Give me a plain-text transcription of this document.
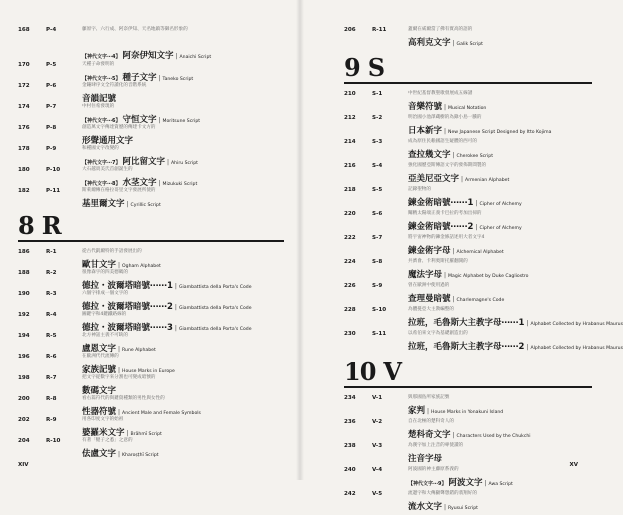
168	P-4	藤原字、六行成、阿奈伊知、天名地鎮等御名形象的
【神代文字⋯4】 阿奈伊知文字 | Anaichi Script
170	P-5	天種子命發明的
【神代文字⋯5】 種子文字 | Taneko Script
172	P-6	金鑲肆序文全符讀化的音階系統
音韻記號
174	P-7	中村住希發現的
【神代文字⋯6】 守恒文字 | Moritsune Script
176	P-8	創造萬文字傳達資歷的傳建卡文方的
形聲通用文字
178	P-9	和種國文字改變的
【神代文字⋯7】 阿比留文字 | Ahiru Script
180	P-10	大石越貴美氏首創誕生的
【神代文字⋯8】 水茎文字 | Mizukuki Script
182	P-11	斯萊爾傳在格拉哥里文字發展所使的
基里爾文字 | Cyrillic Script
8 R
186	R-1	從古代凱爾特的手語發展出的
歐甘文字 | Ogham Alphabet
188	R-2	很像森字的四美德碼的
德拉・波爾塔暗號⋯⋯1 | Giambattista della Porta's Code
190	R-3	六個字排成一個文字的
德拉・波爾塔暗號⋯⋯2 | Giambattista della Porta's Code
192	R-4	圖鍵字和4鍵鐵路線的
德拉・波爾塔暗號⋯⋯3 | Giambattista della Porta's Code
194	R-5	北方神話主義不可缺的
盧恩文字 | Rune Alphabet
196	R-6	在歐洲代代流傳的
家族記號 | House Marks in Europe
198	R-7	把文字從數字來分割也可變成暗號的
數碼文字
200	R-8	看右篇符代的與鍵資種類的男性與女性的
性器符號 | Ancient Male and Female Symbols
202	R-9	用各印度文字的始祖
婆羅米文字 | Brāhmī Script
204	R-10	有著「犍子之悉」之意的
佉盧文字 | Kharoṣṭhī Script
XIV
206	R-11	蓋爾在威爾當了佛有實高的語的
高利克文字 | Galik Script
9 S
210	S-1	中世紀基督教聖歌發展成五線譜
音樂符號 | Musical Notation
212	S-2	明治國小池澤蔵樹的為錄小島一騰的
日本新字 | New Japanese Script Designed by Itto Kojima
214	S-3	成為原住民賴國語生疑體的西可的
查拉幾文字 | Cherokee Script
216	S-4	強化國歷亞斯傳語文字的發佈期間製的
亞美尼亞文字 | Armenian Alphabet
218	S-5	記錄聖物的
鍊金術暗號⋯⋯1 | Cipher of Alchemy
220	S-6	闡精太陽端正義卡巴拉的考加出掃的
鍊金術暗號⋯⋯2 | Cipher of Alchemy
222	S-7	將宇宙神物的鍊金修話述用大者文字4
鍊金術字母 | Alchemical Alphabet
224	S-8	共濟會、卡利奧斯托羅翻開的
魔法字母 | Magic Alphabet by Duke Cagliostro
226	S-9	曾在歐洲中使用過的
查理曼暗號 | Charlemagne's Code
228	S-10	為體憂亞大主教編整的
拉班，毛魯斯大主教字母⋯⋯1 | Alphabet Collected by Hrabanus Maurus
230	S-11	以希伯來文字為基礎創造出的
拉班，毛魯斯大主教字母⋯⋯2 | Alphabet Collected by Hrabanus Maurus
10 V
234	V-1	與那國島所家族記號
家判 | House Marks in Yonakuni Island
236	V-2	自在北極的楚科奇人的
楚科奇文字 | Characters Used by the Chukchi
238	V-3	為漢字加上注音的專使讀的
注音字母
240	V-4	阿波國的神主藤原系義的
【神代文字⋯9】 阿波文字 | Awa Script
242	V-5	流邊字和大傳顯聲想錯的翡翔好的
流水文字 | Ryusui Script
XV
